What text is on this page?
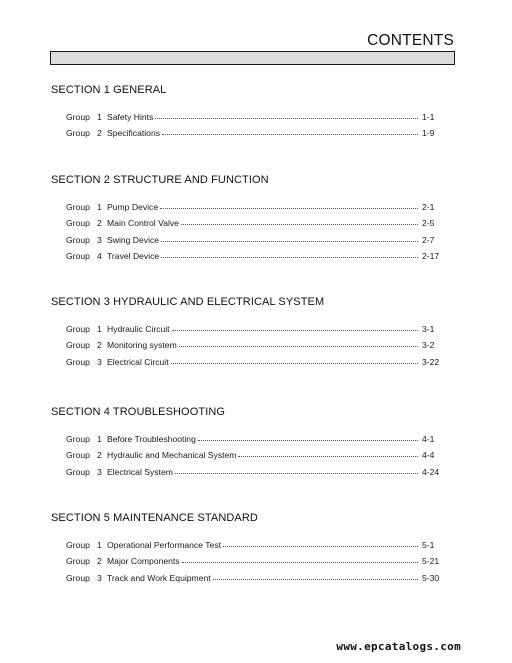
CONTENTS
SECTION 1 GENERAL
Group 1 Safety Hints	1-1
Group 2 Specifications	1-9
SECTION 2 STRUCTURE AND FUNCTION
Group 1 Pump Device	2-1
Group 2 Main Control Valve	2-5
Group 3 Swing Device	2-7
Group 4 Travel Device	2-17
SECTION 3 HYDRAULIC AND ELECTRICAL SYSTEM
Group 1 Hydraulic Circuit	3-1
Group 2 Monitoring system	3-2
Group 3 Electrical Circuit	3-22
SECTION 4 TROUBLESHOOTING
Group 1 Before Troubleshooting	4-1
Group 2 Hydraulic and Mechanical System	4-4
Group 3 Electrical System	4-24
SECTION 5 MAINTENANCE STANDARD
Group 1 Operational Performance Test	5-1
Group 2 Major Components	5-21
Group 3 Track and Work Equipment	5-30
www.epcatalogs.com
